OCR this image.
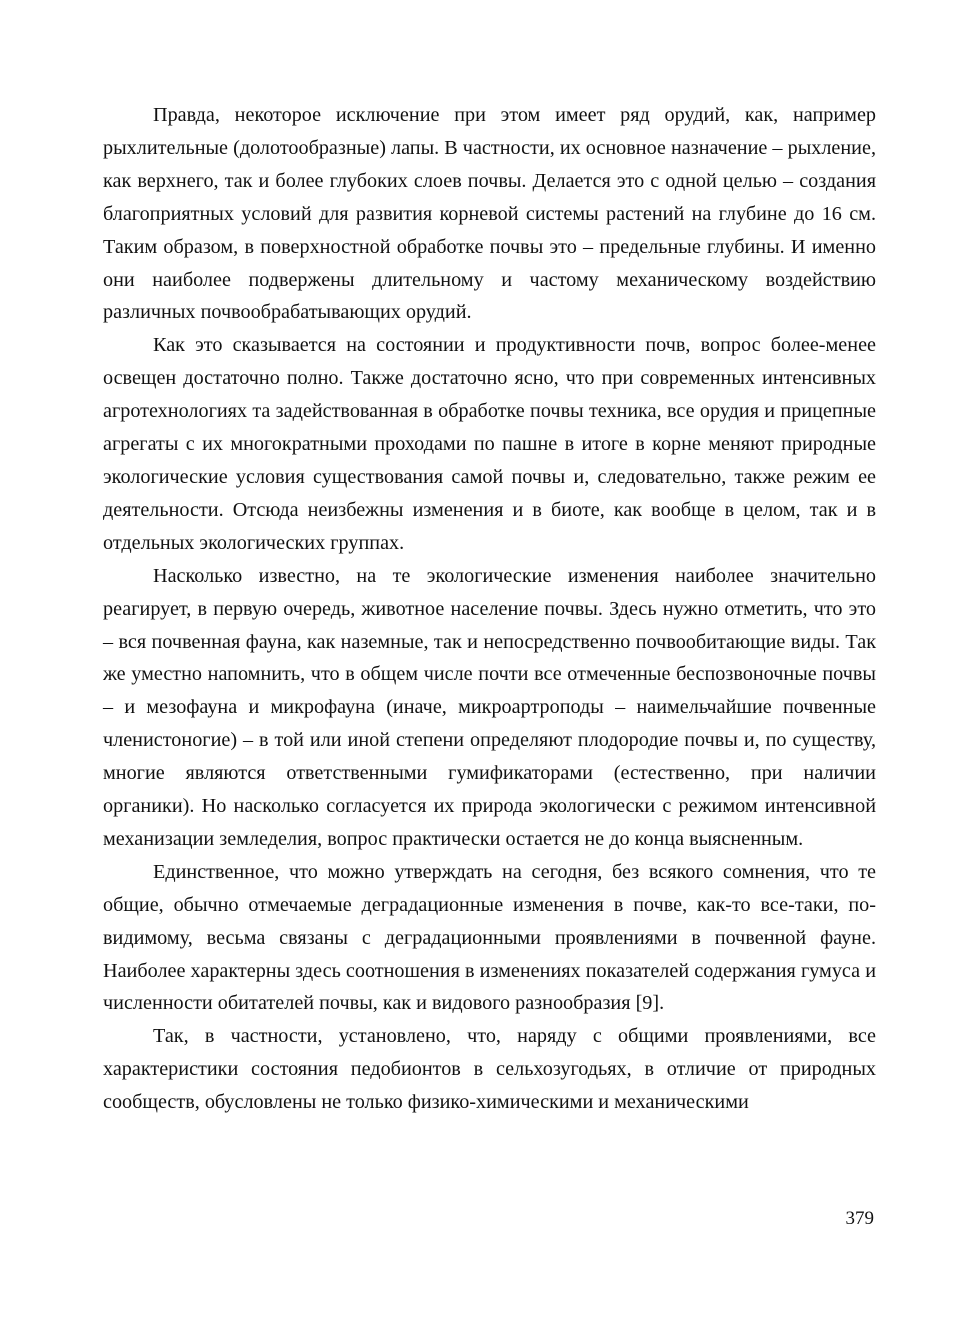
Правда, некоторое исключение при этом имеет ряд орудий, как, например рыхлительные (долотообразные) лапы. В частности, их основное назначение – рыхление, как верхнего, так и более глубоких слоев почвы. Делается это с одной целью – создания благоприятных условий для развития корневой системы растений на глубине до 16 см. Таким образом, в поверхностной обработке почвы это – предельные глубины. И именно они наиболее подвержены длительному и частому механическому воздействию различных почвообрабатывающих орудий.

Как это сказывается на состоянии и продуктивности почв, вопрос более-менее освещен достаточно полно. Также достаточно ясно, что при современных интенсивных агротехнологиях та задействованная в обработке почвы техника, все орудия и прицепные агрегаты с их многократными проходами по пашне в итоге в корне меняют природные экологические условия существования самой почвы и, следовательно, также режим ее деятельности. Отсюда неизбежны изменения и в биоте, как вообще в целом, так и в отдельных экологических группах.

Насколько известно, на те экологические изменения наиболее значительно реагирует, в первую очередь, животное население почвы. Здесь нужно отметить, что это – вся почвенная фауна, как наземные, так и непосредственно почвообитающие виды. Так же уместно напомнить, что в общем числе почти все отмеченные беспозвоночные почвы – и мезофауна и микрофауна (иначе, микроартроподы – наимельчайшие почвенные членистоногие) – в той или иной степени определяют плодородие почвы и, по существу, многие являются ответственными гумификаторами (естественно, при наличии органики). Но насколько согласуется их природа экологически с режимом интенсивной механизации земледелия, вопрос практически остается не до конца выясненным.

Единственное, что можно утверждать на сегодня, без всякого сомнения, что те общие, обычно отмечаемые деградационные изменения в почве, как-то все-таки, по-видимому, весьма связаны с деградационными проявлениями в почвенной фауне. Наиболее характерны здесь соотношения в изменениях показателей содержания гумуса и численности обитателей почвы, как и видового разнообразия [9].

Так, в частности, установлено, что, наряду с общими проявлениями, все характеристики состояния педобионтов в сельхозугодьях, в отличие от природных сообществ, обусловлены не только физико-химическими и механическими

379
